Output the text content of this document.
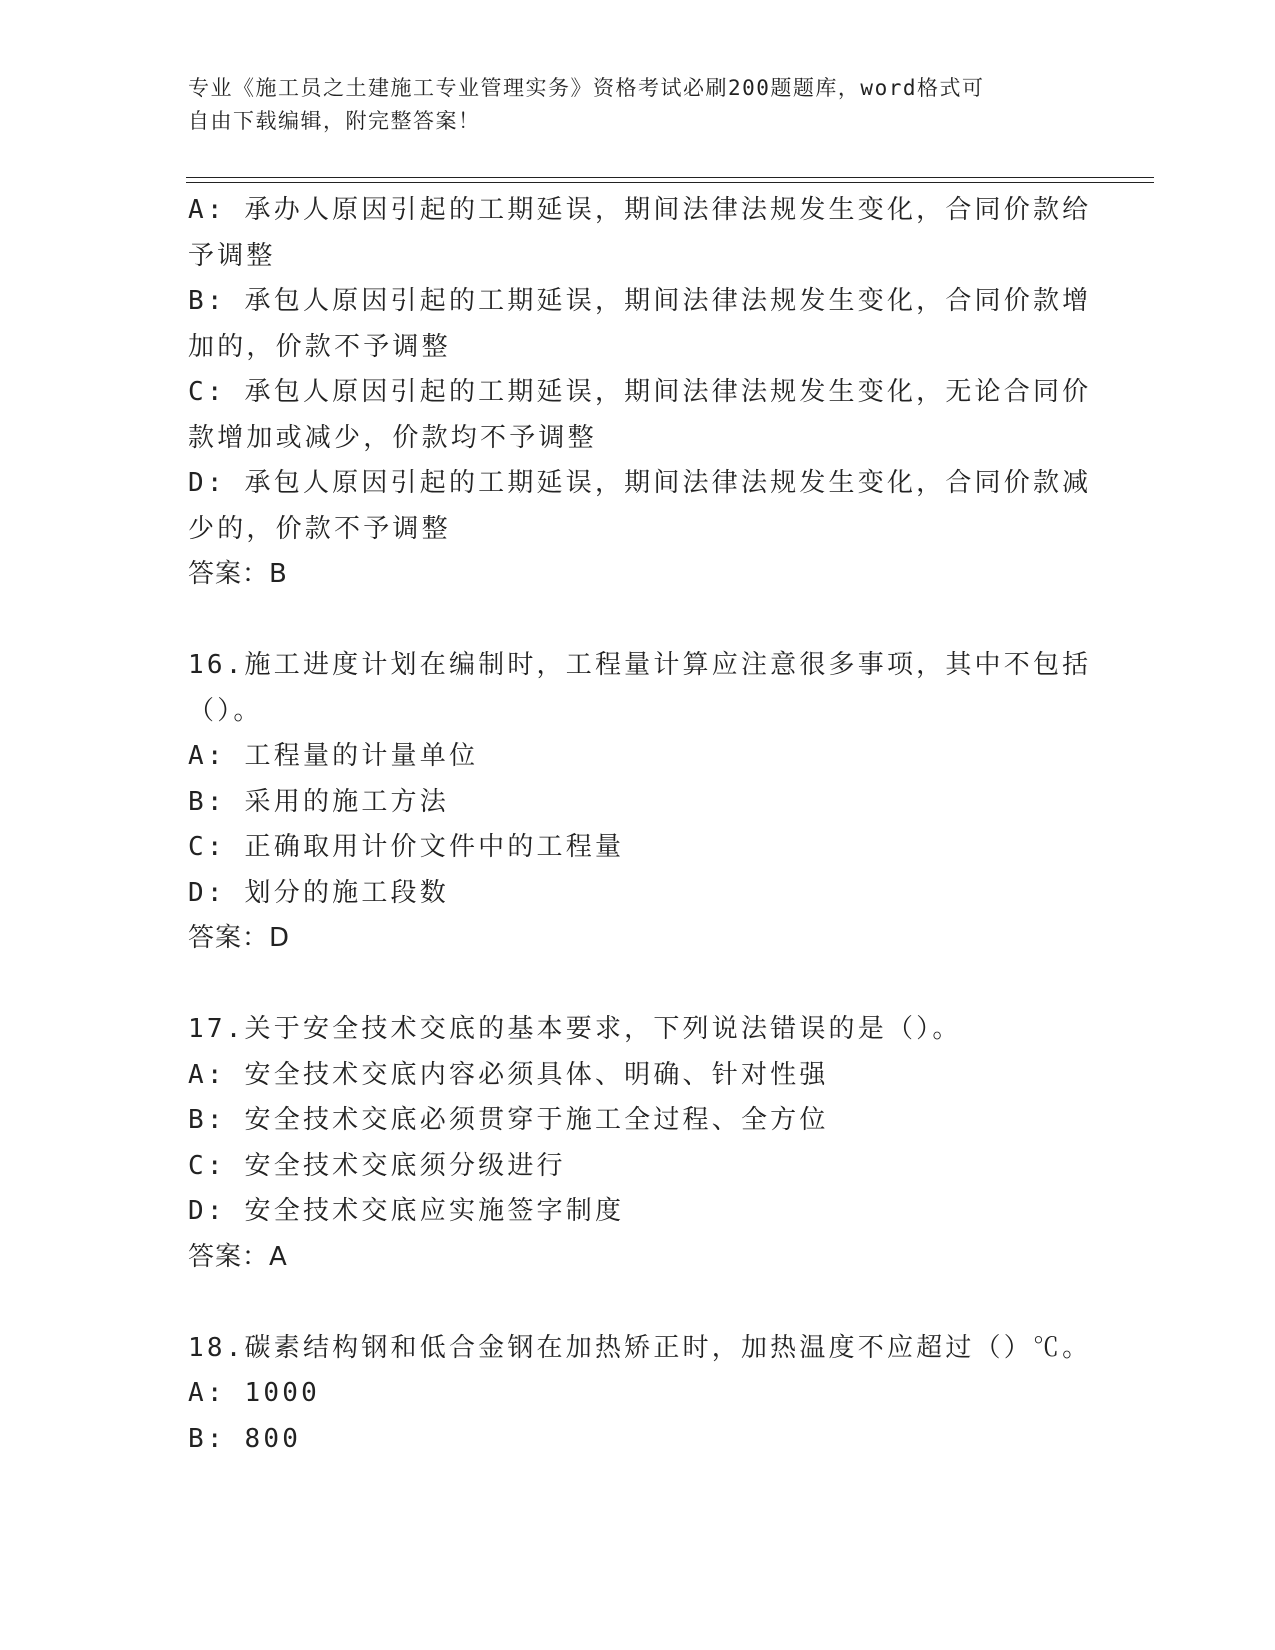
专业《施工员之土建施工专业管理实务》资格考试必刷200题题库，word格式可
自由下载编辑，附完整答案！
A: 承办人原因引起的工期延误，期间法律法规发生变化，合同价款给
予调整
B: 承包人原因引起的工期延误，期间法律法规发生变化，合同价款增
加的，价款不予调整
C: 承包人原因引起的工期延误，期间法律法规发生变化，无论合同价
款增加或减少，价款均不予调整
D: 承包人原因引起的工期延误，期间法律法规发生变化，合同价款减
少的，价款不予调整
答案：B
16.施工进度计划在编制时，工程量计算应注意很多事项，其中不包括
（）。
A: 工程量的计量单位
B: 采用的施工方法
C: 正确取用计价文件中的工程量
D: 划分的施工段数
答案：D
17.关于安全技术交底的基本要求，下列说法错误的是（）。
A: 安全技术交底内容必须具体、明确、针对性强
B: 安全技术交底必须贯穿于施工全过程、全方位
C: 安全技术交底须分级进行
D: 安全技术交底应实施签字制度
答案：A
18.碳素结构钢和低合金钢在加热矫正时，加热温度不应超过（）℃。
A: 1000
B: 800
